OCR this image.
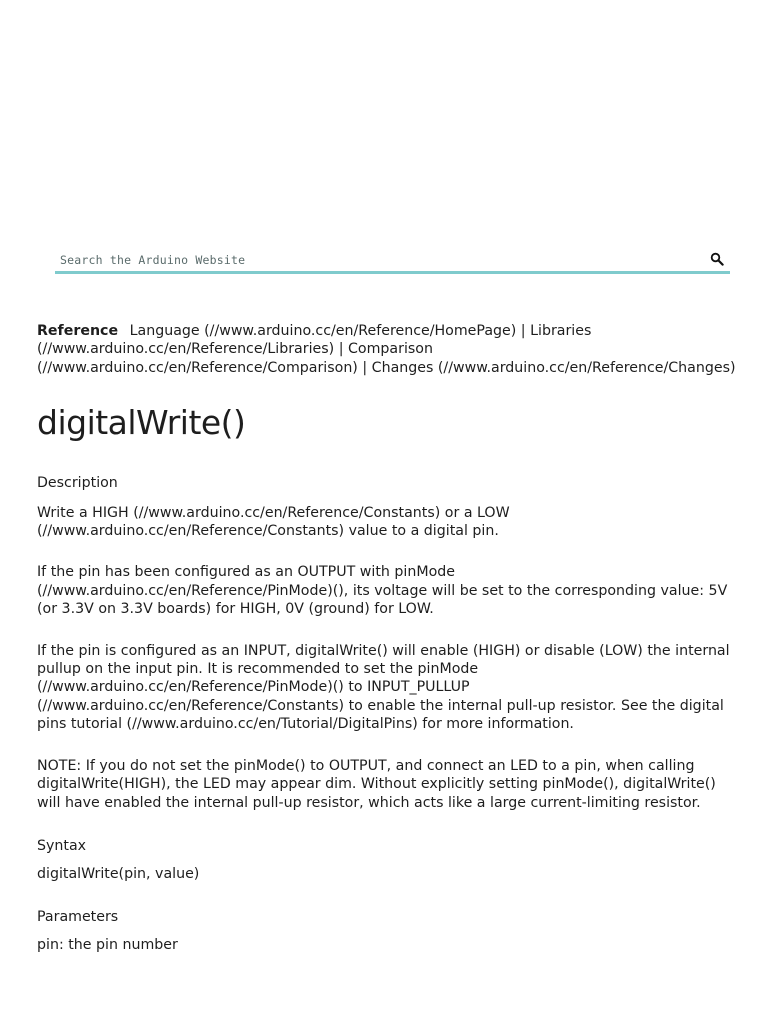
Search the Arduino Website

Reference Language (//www.arduino.cc/en/Reference/HomePage) | Libraries (//www.arduino.cc/en/Reference/Libraries) | Comparison (//www.arduino.cc/en/Reference/Comparison) | Changes (//www.arduino.cc/en/Reference/Changes)

digitalWrite()

Description

Write a HIGH (//www.arduino.cc/en/Reference/Constants) or a LOW (//www.arduino.cc/en/Reference/Constants) value to a digital pin.

If the pin has been configured as an OUTPUT with pinMode (//www.arduino.cc/en/Reference/PinMode)(), its voltage will be set to the corresponding value: 5V (or 3.3V on 3.3V boards) for HIGH, 0V (ground) for LOW.

If the pin is configured as an INPUT, digitalWrite() will enable (HIGH) or disable (LOW) the internal pullup on the input pin. It is recommended to set the pinMode (//www.arduino.cc/en/Reference/PinMode)() to INPUT_PULLUP (//www.arduino.cc/en/Reference/Constants) to enable the internal pull-up resistor. See the digital pins tutorial (//www.arduino.cc/en/Tutorial/DigitalPins) for more information.

NOTE: If you do not set the pinMode() to OUTPUT, and connect an LED to a pin, when calling digitalWrite(HIGH), the LED may appear dim. Without explicitly setting pinMode(), digitalWrite() will have enabled the internal pull-up resistor, which acts like a large current-limiting resistor.

Syntax

digitalWrite(pin, value)

Parameters

pin: the pin number
